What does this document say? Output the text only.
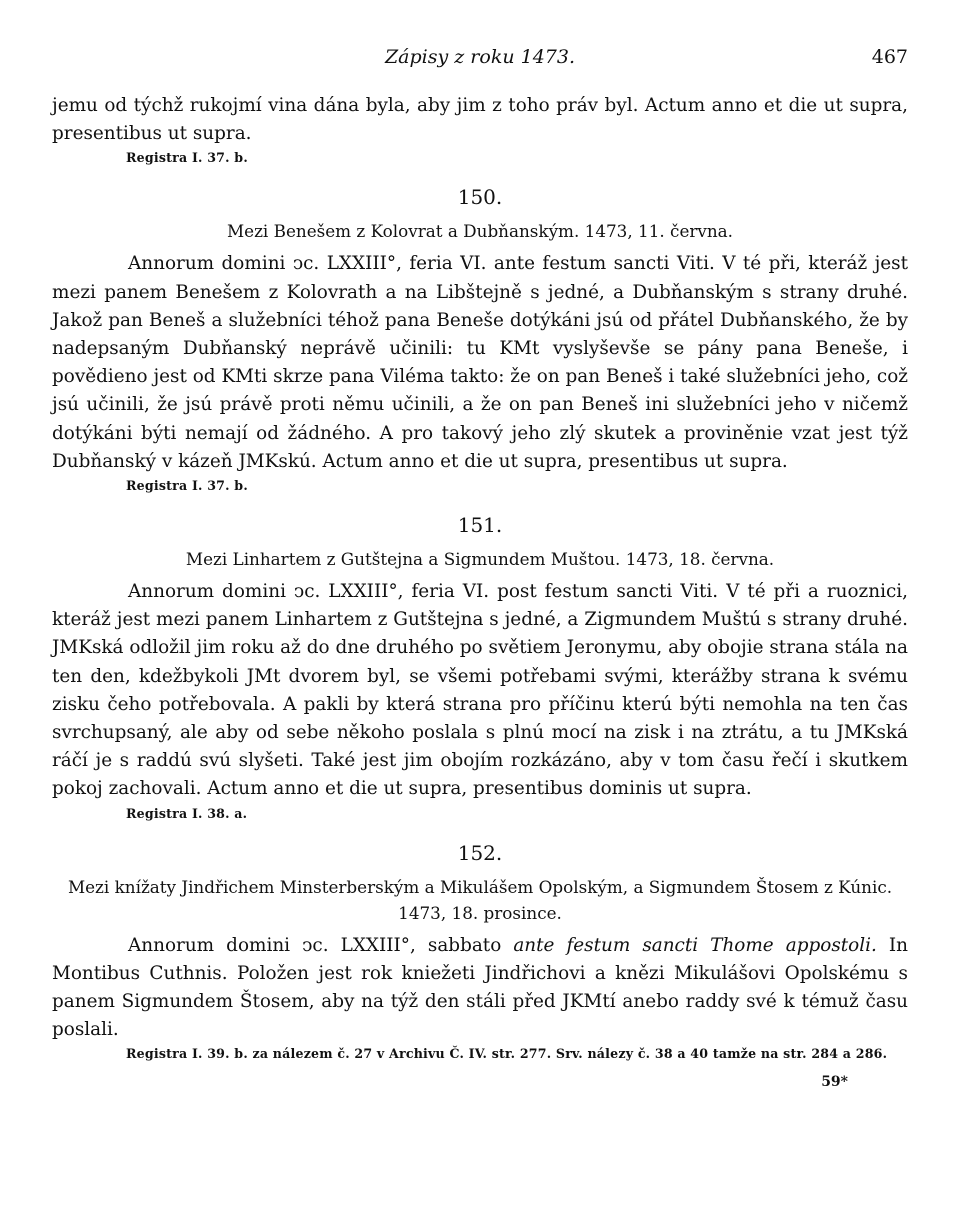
Zápisy z roku 1473.	467

jemu od týchž rukojmí vina dána byla, aby jim z toho práv byl. Actum anno et die ut supra, presentibus ut supra.

Registra I. 37. b.
150.
Mezi Benešem z Kolovrat a Dubňanským. 1473, 11. června.

Annorum domini ͻc. LXXIII°, feria VI. ante festum sancti Viti. V té při, kteráž jest mezi panem Benešem z Kolovrath a na Libštejně s jedné, a Dubňanským s strany druhé. Jakož pan Beneš a služebníci téhož pana Beneše dotýkáni jsú od přátel Dubňanského, že by nadepsaným Dubňanský neprávě učinili: tu KMt vyslyševše se pány pana Beneše, i povědieno jest od KMti skrze pana Viléma takto: že on pan Beneš i také služebníci jeho, což jsú učinili, že jsú právě proti němu učinili, a že on pan Beneš ini služebníci jeho v ničemž dotýkáni býti nemají od žádného. A pro takový jeho zlý skutek a proviněnie vzat jest týž Dubňanský v kázeň JMKskú. Actum anno et die ut supra, presentibus ut supra.

Registra I. 37. b.
151.
Mezi Linhartem z Gutštejna a Sigmundem Muštou. 1473, 18. června.

Annorum domini ͻc. LXXIII°, feria VI. post festum sancti Viti. V té při a ruoznici, kteráž jest mezi panem Linhartem z Gutštejna s jedné, a Zigmundem Muštú s strany druhé. JMKská odložil jim roku až do dne druhého po světiem Jeronymu, aby obojie strana stála na ten den, kdežbykoli JMt dvorem byl, se všemi potřebami svými, kterážby strana k svému zisku čeho potřebovala. A pakli by která strana pro příčinu kterú býti nemohla na ten čas svrchupsaný, ale aby od sebe někoho poslala s plnú mocí na zisk i na ztrátu, a tu JMKská ráčí je s raddú svú slyšeti. Také jest jim obojím rozkázáno, aby v tom času řečí i skutkem pokoj zachovali. Actum anno et die ut supra, presentibus dominis ut supra.

Registra I. 38. a.
152.
Mezi knížaty Jindřichem Minsterberským a Mikulášem Opolským, a Sigmundem Štosem z Kúnic. 1473, 18. prosince.

Annorum domini ͻc. LXXIII°, sabbato ante festum sancti Thome appostoli. In Montibus Cuthnis. Položen jest rok kniežeti Jindřichovi a knězi Mikulášovi Opolskému s panem Sigmundem Štosem, aby na týž den stáli před JKMtí anebo raddy své k témuž času poslali.

Registra I. 39. b. za nálezem č. 27 v Archivu Č. IV. str. 277. Srv. nálezy č. 38 a 40 tamže na str. 284 a 286.
59*
